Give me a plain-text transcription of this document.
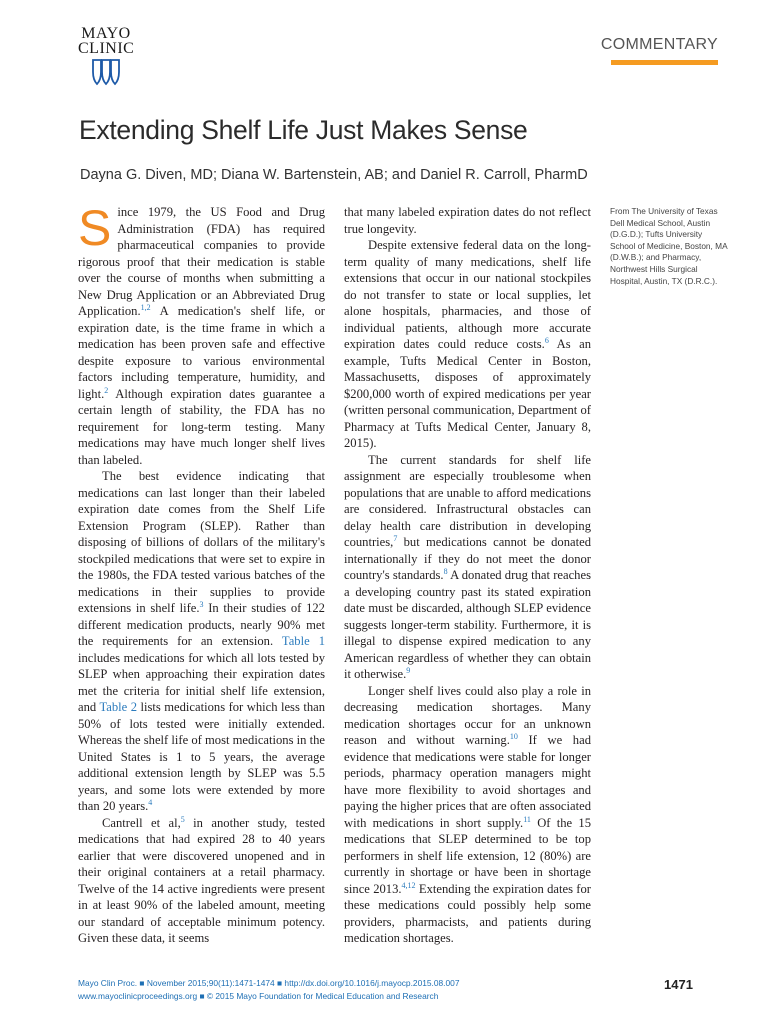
MAYO
CLINIC	COMMENTARY
Extending Shelf Life Just Makes Sense
Dayna G. Diven, MD; Diana W. Bartenstein, AB; and Daniel R. Carroll, PharmD

Since 1979, the US Food and Drug Administration (FDA) has required pharmaceutical companies to provide rigorous proof that their medication is stable over the course of months when submitting a New Drug Application or an Abbreviated Drug Application.$^{1,2}$ A medication's shelf life, or expiration date, is the time frame in which a medication has been proven safe and effective despite exposure to various environmental factors including temperature, humidity, and light.$^2$ Although expiration dates guarantee a certain length of stability, the FDA has no requirement for long-term testing. Many medications may have much longer shelf lives than labeled.

The best evidence indicating that medications can last longer than their labeled expiration date comes from the Shelf Life Extension Program (SLEP). Rather than disposing of billions of dollars of the military's stockpiled medications that were set to expire in the 1980s, the FDA tested various batches of the medications in their supplies to provide extensions in shelf life.$^3$ In their studies of 122 different medication products, nearly 90% met the requirements for an extension. Table 1 includes medications for which all lots tested by SLEP when approaching their expiration dates met the criteria for initial shelf life extension, and Table 2 lists medications for which less than 50% of lots tested were initially extended. Whereas the shelf life of most medications in the United States is 1 to 5 years, the average additional extension length by SLEP was 5.5 years, and some lots were extended by more than 20 years.$^4$

Cantrell et al,$^5$ in another study, tested medications that had expired 28 to 40 years earlier that were discovered unopened and in their original containers at a retail pharmacy. Twelve of the 14 active ingredients were present in at least 90% of the labeled amount, meeting our standard of acceptable minimum potency. Given these data, it seems

that many labeled expiration dates do not reflect true longevity.

Despite extensive federal data on the long-term quality of many medications, shelf life extensions that occur in our national stockpiles do not transfer to state or local supplies, let alone hospitals, pharmacies, and those of individual patients, although more accurate expiration dates could reduce costs.$^6$ As an example, Tufts Medical Center in Boston, Massachusetts, disposes of approximately $200,000 worth of expired medications per year (written personal communication, Department of Pharmacy at Tufts Medical Center, January 8, 2015).

The current standards for shelf life assignment are especially troublesome when populations that are unable to afford medications are considered. Infrastructural obstacles can delay health care distribution in developing countries,$^7$ but medications cannot be donated internationally if they do not meet the donor country's standards.$^8$ A donated drug that reaches a developing country past its stated expiration date must be discarded, although SLEP evidence suggests longer-term stability. Furthermore, it is illegal to dispense expired medication to any American regardless of whether they can obtain it otherwise.$^9$

Longer shelf lives could also play a role in decreasing medication shortages. Many medication shortages occur for an unknown reason and without warning.$^{10}$ If we had evidence that medications were stable for longer periods, pharmacy operation managers might have more flexibility to avoid shortages and paying the higher prices that are often associated with medications in short supply.$^{11}$ Of the 15 medications that SLEP determined to be top performers in shelf life extension, 12 (80%) are currently in shortage or have been in shortage since 2013.$^{4,12}$ Extending the expiration dates for these medications could possibly help some providers, pharmacists, and patients during medication shortages.

From The University of Texas Dell Medical School, Austin (D.G.D.); Tufts University School of Medicine, Boston, MA (D.W.B.); and Pharmacy, Northwest Hills Surgical Hospital, Austin, TX (D.R.C.).
Mayo Clin Proc. ■ November 2015;90(11):1471-1474 ■ http://dx.doi.org/10.1016/j.mayocp.2015.08.007
www.mayoclinicproceedings.org ■ © 2015 Mayo Foundation for Medical Education and Research
1471
